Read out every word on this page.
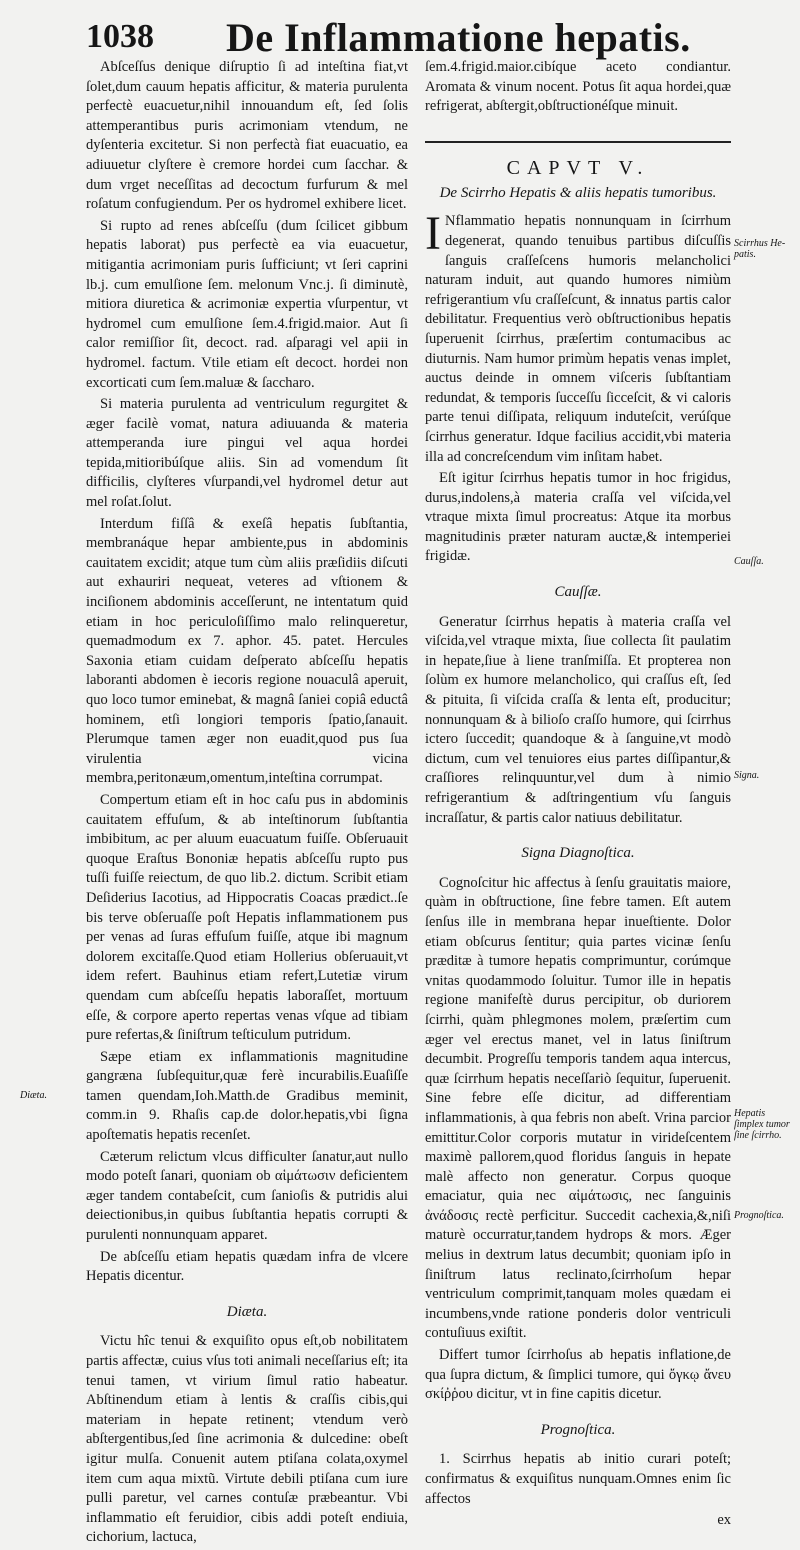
1038 De Inflammatione hepatis.

Abſceſſus denique diſruptio ſi ad inteſtina fiat,vt ſolet,dum cauum hepatis afficitur, & materia purulenta perfectè euacuetur,nihil innouandum eſt, ſed ſolis attemperantibus puris acrimoniam vtendum, ne dyſenteria excitetur. Si non perfectà fiat euacuatio, ea adiuuetur clyſtere è cremore hordei cum ſacchar. & dum vrget neceſſitas ad decoctum furfurum & mel roſatum confugiendum. Per os hydromel exhibere licet.

Si rupto ad renes abſceſſu (dum ſcilicet gibbum hepatis laborat) pus perfectè ea via euacuetur, mitigantia acrimoniam puris ſufficiunt; vt ſeri caprini lb.j. cum emulſione ſem. melonum Vnc.j. ſi diminutè, mitiora diuretica & acrimoniæ expertia vſurpentur, vt hydromel cum emulſione ſem.4.frigid.maior. Aut ſi calor remiſſior ſit, decoct. rad. aſparagi vel apii in hydromel. factum. Vtile etiam eſt decoct. hordei non excorticati cum ſem.maluæ & ſaccharo.

Si materia purulenta ad ventriculum regurgitet & æger facilè vomat, natura adiuuanda & materia attemperanda iure pingui vel aqua hordei tepida,mitioribúſque aliis. Sin ad vomendum ſit difficilis, clyſteres vſurpandi,vel hydromel detur aut mel roſat.ſolut.

Interdum fiſſâ & exeſâ hepatis ſubſtantia, membranáque hepar ambiente,pus in abdominis cauitatem excidit; atque tum cùm aliis præſidiis diſcuti aut exhauriri nequeat, veteres ad vſtionem & inciſionem abdominis acceſſerunt, ne intentatum quid etiam in hoc periculoſiſſimo malo relinqueretur, quemadmodum ex 7. aphor. 45. patet. Hercules Saxonia etiam cuidam deſperato abſceſſu hepatis laboranti abdomen è iecoris regione nouaculâ aperuit, quo loco tumor eminebat, & magnâ ſaniei copiâ eductâ hominem, etſi longiori temporis ſpatio,ſanauit. Plerumque tamen æger non euadit,quod pus ſua virulentia vicina membra,peritonæum,omentum,inteſtina corrumpat.

Compertum etiam eſt in hoc caſu pus in abdominis cauitatem effuſum, & ab inteſtinorum ſubſtantia imbibitum, ac per aluum euacuatum fuiſſe. Obſeruauit quoque Eraſtus Bononiæ hepatis abſceſſu rupto pus tuſſi fuiſſe reiectum, de quo lib.2. dictum. Scribit etiam Deſiderius Iacotius, ad Hippocratis Coacas prædict..ſe bis terve obſeruaſſe poſt Hepatis inflammationem pus per venas ad ſuras effuſum fuiſſe, atque ibi magnum dolorem excitaſſe.Quod etiam Hollerius obſeruauit,vt idem refert. Bauhinus etiam refert,Lutetiæ virum quendam cum abſceſſu hepatis laboraſſet, mortuum eſſe, & corpore aperto repertas venas vſque ad tibiam pure refertas,& ſiniſtrum teſticulum putridum.

Sæpe etiam ex inflammationis magnitudine gangræna ſubſequitur,quæ ferè incurabilis.Euaſiſſe tamen quendam,Ioh.Matth.de Gradibus meminit, comm.in 9. Rhaſis cap.de dolor.hepatis,vbi ſigna apoſtematis hepatis recenſet.

Cæterum relictum vlcus difficulter ſanatur,aut nullo modo poteſt ſanari, quoniam ob αἱμάτωσιν deficientem æger tandem contabeſcit, cum ſanioſis & putridis alui deiectionibus,in quibus ſubſtantia hepatis corrupti & purulenti nonnunquam apparet.

De abſceſſu etiam hepatis quædam infra de vlcere Hepatis dicentur.

Diæta.

Victu hîc tenui & exquiſito opus eſt,ob nobilitatem partis affectæ, cuius vſus toti animali neceſſarius eſt; ita tenui tamen, vt virium ſimul ratio habeatur. Abſtinendum etiam à lentis & craſſis cibis,qui materiam in hepate retinent; vtendum verò abſtergentibus,ſed ſine acrimonia & dulcedine: obeſt igitur mulſa. Conuenit autem ptiſana colata,oxymel item cum aqua mixtũ. Virtute debili ptiſana cum iure pulli paretur, vel carnes contuſæ præbeantur. Vbi inflammatio eſt feruidior, cibis addi poteſt endiuia, cichorium, lactuca,

ſem.4.frigid.maior.cibíque aceto condiantur. Aromata & vinum nocent. Potus ſit aqua hordei,quæ refrigerat, abſtergit,obſtructionéſque minuit.

CAPVT V.
De Scirrho Hepatis & aliis hepatis tumoribus.

I Nflammatio hepatis nonnunquam in ſcirrhum degenerat, quando tenuibus partibus diſcuſſis ſanguis craſſeſcens humoris melancholici naturam induit, aut quando humores nimiùm refrigerantium vſu craſſeſcunt, & innatus partis calor debilitatur. Frequentius verò obſtructionibus hepatis ſuperuenit ſcirrhus, præſertim contumacibus ac diuturnis. Nam humor primùm hepatis venas implet, auctus deinde in omnem viſceris ſubſtantiam redundat, & temporis ſucceſſu ſicceſcit, & vi caloris parte tenui diſſipata, reliquum induteſcit, verúſque ſcirrhus generatur. Idque facilius accidit,vbi materia illa ad concreſcendum vim inſitam habet.

Eſt igitur ſcirrhus hepatis tumor in hoc frigidus, durus,indolens,à materia craſſa vel viſcida,vel vtraque mixta ſimul procreatus: Atque ita morbus magnitudinis præter naturam auctæ,& intemperiei frigidæ.

Cauſſæ.

Generatur ſcirrhus hepatis à materia craſſa vel viſcida,vel vtraque mixta, ſiue collecta ſit paulatim in hepate,ſiue à liene tranſmiſſa. Et propterea non ſolùm ex humore melancholico, qui craſſus eſt, ſed & pituita, ſi viſcida craſſa & lenta eſt, producitur; nonnunquam & à bilioſo craſſo humore, qui ſcirrhus ictero ſuccedit; quandoque & à ſanguine,vt modò dictum, cum vel tenuiores eius partes diſſipantur,& craſſiores relinquuntur,vel dum à nimio refrigerantium & adſtringentium vſu ſanguis incraſſatur, & partis calor natiuus debilitatur.

Signa Diagnoſtica.

Cognoſcitur hic affectus à ſenſu grauitatis maiore, quàm in obſtructione, ſine febre tamen. Eſt autem ſenſus ille in membrana hepar inueſtiente. Dolor etiam obſcurus ſentitur; quia partes vicinæ ſenſu præditæ à tumore hepatis comprimuntur, corúmque vnitas quodammodo ſoluitur. Tumor ille in hepatis regione manifeſtè durus percipitur, ob duriorem ſcirrhi, quàm phlegmones molem, præſertim cum æger vel erectus manet, vel in latus ſiniſtrum decumbit. Progreſſu temporis tandem aqua intercus, quæ ſcirrhum hepatis neceſſariò ſequitur, ſuperuenit. Sine febre eſſe dicitur, ad differentiam inflammationis, à qua febris non abeſt. Vrina parcior emittitur.Color corporis mutatur in virideſcentem maximè pallorem,quod floridus ſanguis in hepate malè affecto non generatur. Corpus quoque emaciatur, quia nec αἱμάτωσις, nec ſanguinis ἀνάδοσις rectè perficitur. Succedit cachexia,&,niſi maturè occurratur,tandem hydrops & mors. Æger melius in dextrum latus decumbit; quoniam ipſo in ſiniſtrum latus reclinato,ſcirrhoſum hepar ventriculum comprimit,tanquam moles quædam ei incumbens,vnde ratione ponderis dolor ventriculi contuſiuus exiſtit.

Differt tumor ſcirrhoſus ab hepatis inflatione,de qua ſupra dictum, & ſimplici tumore, qui ὄγκῳ ἄνευ σκίῤῥου dicitur, vt in fine capitis dicetur.

Prognoſtica.

1. Scirrhus hepatis ab initio curari poteſt; confirmatus & exquiſitus nunquam.Omnes enim ſic affectos

ex

Diæta.
Scirrhus He-patis.
Cauſſa.
Signa.
Hepatis ſimplex tumor ſine ſcirrho.
Prognoſtica.
